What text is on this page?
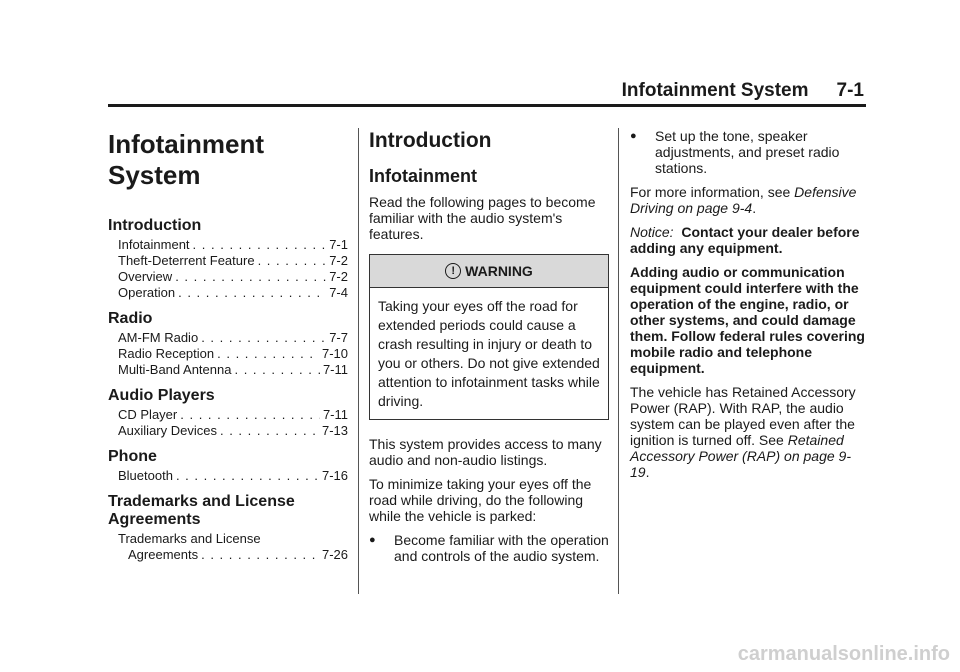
Infotainment System 7-1
Infotainment
System
Introduction
Infotainment . . .	7-1
Theft-Deterrent Feature . . .	7-2
Overview . . .	7-2
Operation . . .	7-4
Radio
AM-FM Radio . . .	7-7
Radio Reception . . .	7-10
Multi-Band Antenna . . .	7-11
Audio Players
CD Player . . .	7-11
Auxiliary Devices . . .	7-13
Phone
Bluetooth . . .	7-16
Trademarks and License
Agreements
Trademarks and License
Agreements . . .	7-26
Introduction
Infotainment

Read the following pages to become familiar with the audio system's features.

! WARNING
Taking your eyes off the road for extended periods could cause a crash resulting in injury or death to you or others. Do not give extended attention to infotainment tasks while driving.

This system provides access to many audio and non-audio listings.

To minimize taking your eyes off the road while driving, do the following while the vehicle is parked:

●	Become familiar with the operation and controls of the audio system.
●	Set up the tone, speaker adjustments, and preset radio stations.

For more information, see Defensive Driving on page 9-4.

Notice: Contact your dealer before adding any equipment.

Adding audio or communication equipment could interfere with the operation of the engine, radio, or other systems, and could damage them. Follow federal rules covering mobile radio and telephone equipment.

The vehicle has Retained Accessory Power (RAP). With RAP, the audio system can be played even after the ignition is turned off. See Retained Accessory Power (RAP) on page 9-19.

carmanualsonline.info
